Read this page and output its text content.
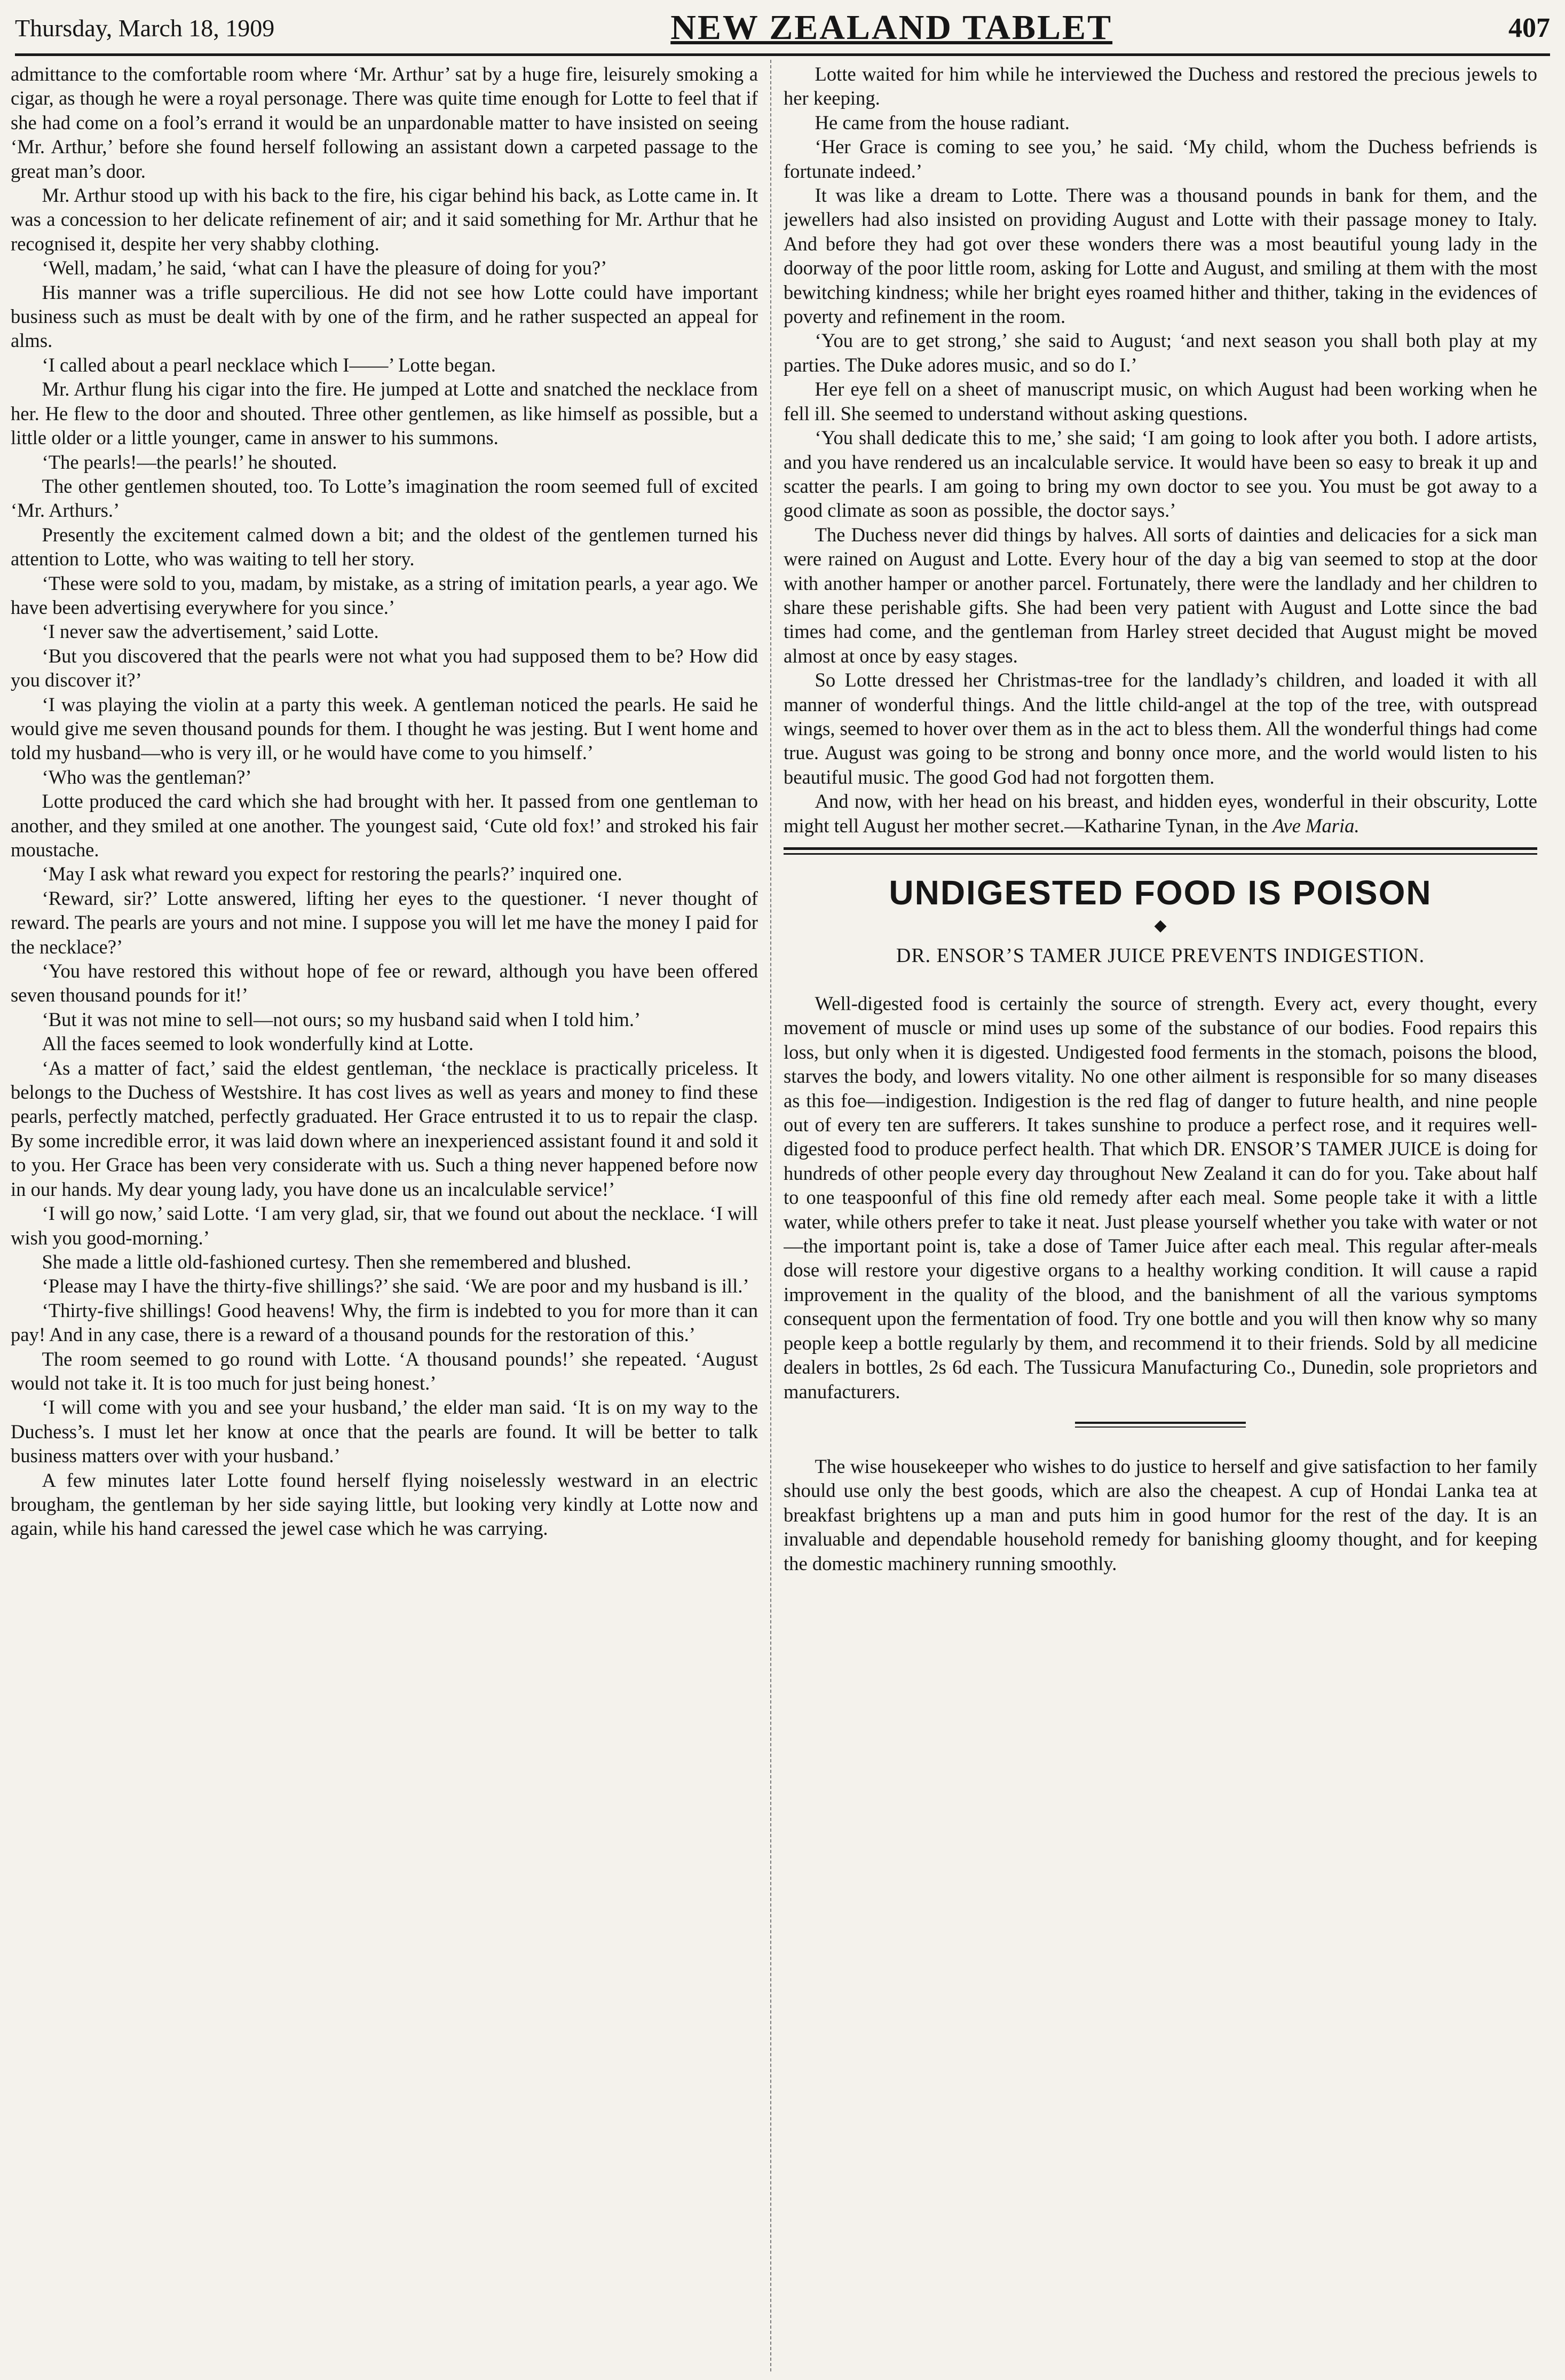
Thursday, March 18, 1909	NEW ZEALAND TABLET	407

admittance to the comfortable room where ‘Mr. Arthur’ sat by a huge fire, leisurely smoking a cigar, as though he were a royal personage. There was quite time enough for Lotte to feel that if she had come on a fool’s errand it would be an unpardonable matter to have insisted on seeing ‘Mr. Arthur,’ before she found herself following an assistant down a carpeted passage to the great man’s door.

Mr. Arthur stood up with his back to the fire, his cigar behind his back, as Lotte came in. It was a concession to her delicate refinement of air; and it said something for Mr. Arthur that he recognised it, despite her very shabby clothing.

‘Well, madam,’ he said, ‘what can I have the pleasure of doing for you?’

His manner was a trifle supercilious. He did not see how Lotte could have important business such as must be dealt with by one of the firm, and he rather suspected an appeal for alms.

‘I called about a pearl necklace which I——’ Lotte began.

Mr. Arthur flung his cigar into the fire. He jumped at Lotte and snatched the necklace from her. He flew to the door and shouted. Three other gentlemen, as like himself as possible, but a little older or a little younger, came in answer to his summons.

‘The pearls!—the pearls!’ he shouted.

The other gentlemen shouted, too. To Lotte’s imagination the room seemed full of excited ‘Mr. Arthurs.’

Presently the excitement calmed down a bit; and the oldest of the gentlemen turned his attention to Lotte, who was waiting to tell her story.

‘These were sold to you, madam, by mistake, as a string of imitation pearls, a year ago. We have been advertising everywhere for you since.’

‘I never saw the advertisement,’ said Lotte.

‘But you discovered that the pearls were not what you had supposed them to be? How did you discover it?’

‘I was playing the violin at a party this week. A gentleman noticed the pearls. He said he would give me seven thousand pounds for them. I thought he was jesting. But I went home and told my husband—who is very ill, or he would have come to you himself.’

‘Who was the gentleman?’

Lotte produced the card which she had brought with her. It passed from one gentleman to another, and they smiled at one another. The youngest said, ‘Cute old fox!’ and stroked his fair moustache.

‘May I ask what reward you expect for restoring the pearls?’ inquired one.

‘Reward, sir?’ Lotte answered, lifting her eyes to the questioner. ‘I never thought of reward. The pearls are yours and not mine. I suppose you will let me have the money I paid for the necklace?’

‘You have restored this without hope of fee or reward, although you have been offered seven thousand pounds for it!’

‘But it was not mine to sell—not ours; so my husband said when I told him.’

All the faces seemed to look wonderfully kind at Lotte.

‘As a matter of fact,’ said the eldest gentleman, ‘the necklace is practically priceless. It belongs to the Duchess of Westshire. It has cost lives as well as years and money to find these pearls, perfectly matched, perfectly graduated. Her Grace entrusted it to us to repair the clasp. By some incredible error, it was laid down where an inexperienced assistant found it and sold it to you. Her Grace has been very considerate with us. Such a thing never happened before now in our hands. My dear young lady, you have done us an incalculable service!’

‘I will go now,’ said Lotte. ‘I am very glad, sir, that we found out about the necklace. ‘I will wish you good-morning.’

She made a little old-fashioned curtesy. Then she remembered and blushed.

‘Please may I have the thirty-five shillings?’ she said. ‘We are poor and my husband is ill.’

‘Thirty-five shillings! Good heavens! Why, the firm is indebted to you for more than it can pay! And in any case, there is a reward of a thousand pounds for the restoration of this.’

The room seemed to go round with Lotte. ‘A thousand pounds!’ she repeated. ‘August would not take it. It is too much for just being honest.’

‘I will come with you and see your husband,’ the elder man said. ‘It is on my way to the Duchess’s. I must let her know at once that the pearls are found. It will be better to talk business matters over with your husband.’

A few minutes later Lotte found herself flying noiselessly westward in an electric brougham, the gentleman by her side saying little, but looking very kindly at Lotte now and again, while his hand caressed the jewel case which he was carrying.

Lotte waited for him while he interviewed the Duchess and restored the precious jewels to her keeping.

He came from the house radiant.

‘Her Grace is coming to see you,’ he said. ‘My child, whom the Duchess befriends is fortunate indeed.’

It was like a dream to Lotte. There was a thousand pounds in bank for them, and the jewellers had also insisted on providing August and Lotte with their passage money to Italy. And before they had got over these wonders there was a most beautiful young lady in the doorway of the poor little room, asking for Lotte and August, and smiling at them with the most bewitching kindness; while her bright eyes roamed hither and thither, taking in the evidences of poverty and refinement in the room.

‘You are to get strong,’ she said to August; ‘and next season you shall both play at my parties. The Duke adores music, and so do I.’

Her eye fell on a sheet of manuscript music, on which August had been working when he fell ill. She seemed to understand without asking questions.

‘You shall dedicate this to me,’ she said; ‘I am going to look after you both. I adore artists, and you have rendered us an incalculable service. It would have been so easy to break it up and scatter the pearls. I am going to bring my own doctor to see you. You must be got away to a good climate as soon as possible, the doctor says.’

The Duchess never did things by halves. All sorts of dainties and delicacies for a sick man were rained on August and Lotte. Every hour of the day a big van seemed to stop at the door with another hamper or another parcel. Fortunately, there were the landlady and her children to share these perishable gifts. She had been very patient with August and Lotte since the bad times had come, and the gentleman from Harley street decided that August might be moved almost at once by easy stages.

So Lotte dressed her Christmas-tree for the landlady’s children, and loaded it with all manner of wonderful things. And the little child-angel at the top of the tree, with outspread wings, seemed to hover over them as in the act to bless them. All the wonderful things had come true. August was going to be strong and bonny once more, and the world would listen to his beautiful music. The good God had not forgotten them.

And now, with her head on his breast, and hidden eyes, wonderful in their obscurity, Lotte might tell August her mother secret.—Katharine Tynan, in the Ave Maria.

UNDIGESTED FOOD IS POISON
◆
DR. ENSOR’S TAMER JUICE PREVENTS INDIGESTION.

Well-digested food is certainly the source of strength. Every act, every thought, every movement of muscle or mind uses up some of the substance of our bodies. Food repairs this loss, but only when it is digested. Undigested food ferments in the stomach, poisons the blood, starves the body, and lowers vitality. No one other ailment is responsible for so many diseases as this foe—indigestion. Indigestion is the red flag of danger to future health, and nine people out of every ten are sufferers. It takes sunshine to produce a perfect rose, and it requires well-digested food to produce perfect health. That which DR. ENSOR’S TAMER JUICE is doing for hundreds of other people every day throughout New Zealand it can do for you. Take about half to one teaspoonful of this fine old remedy after each meal. Some people take it with a little water, while others prefer to take it neat. Just please yourself whether you take with water or not—the important point is, take a dose of Tamer Juice after each meal. This regular after-meals dose will restore your digestive organs to a healthy working condition. It will cause a rapid improvement in the quality of the blood, and the banishment of all the various symptoms consequent upon the fermentation of food. Try one bottle and you will then know why so many people keep a bottle regularly by them, and recommend it to their friends. Sold by all medicine dealers in bottles, 2s 6d each. The Tussicura Manufacturing Co., Dunedin, sole proprietors and manufacturers.

The wise housekeeper who wishes to do justice to herself and give satisfaction to her family should use only the best goods, which are also the cheapest. A cup of Hondai Lanka tea at breakfast brightens up a man and puts him in good humor for the rest of the day. It is an invaluable and dependable household remedy for banishing gloomy thought, and for keeping the domestic machinery running smoothly.
